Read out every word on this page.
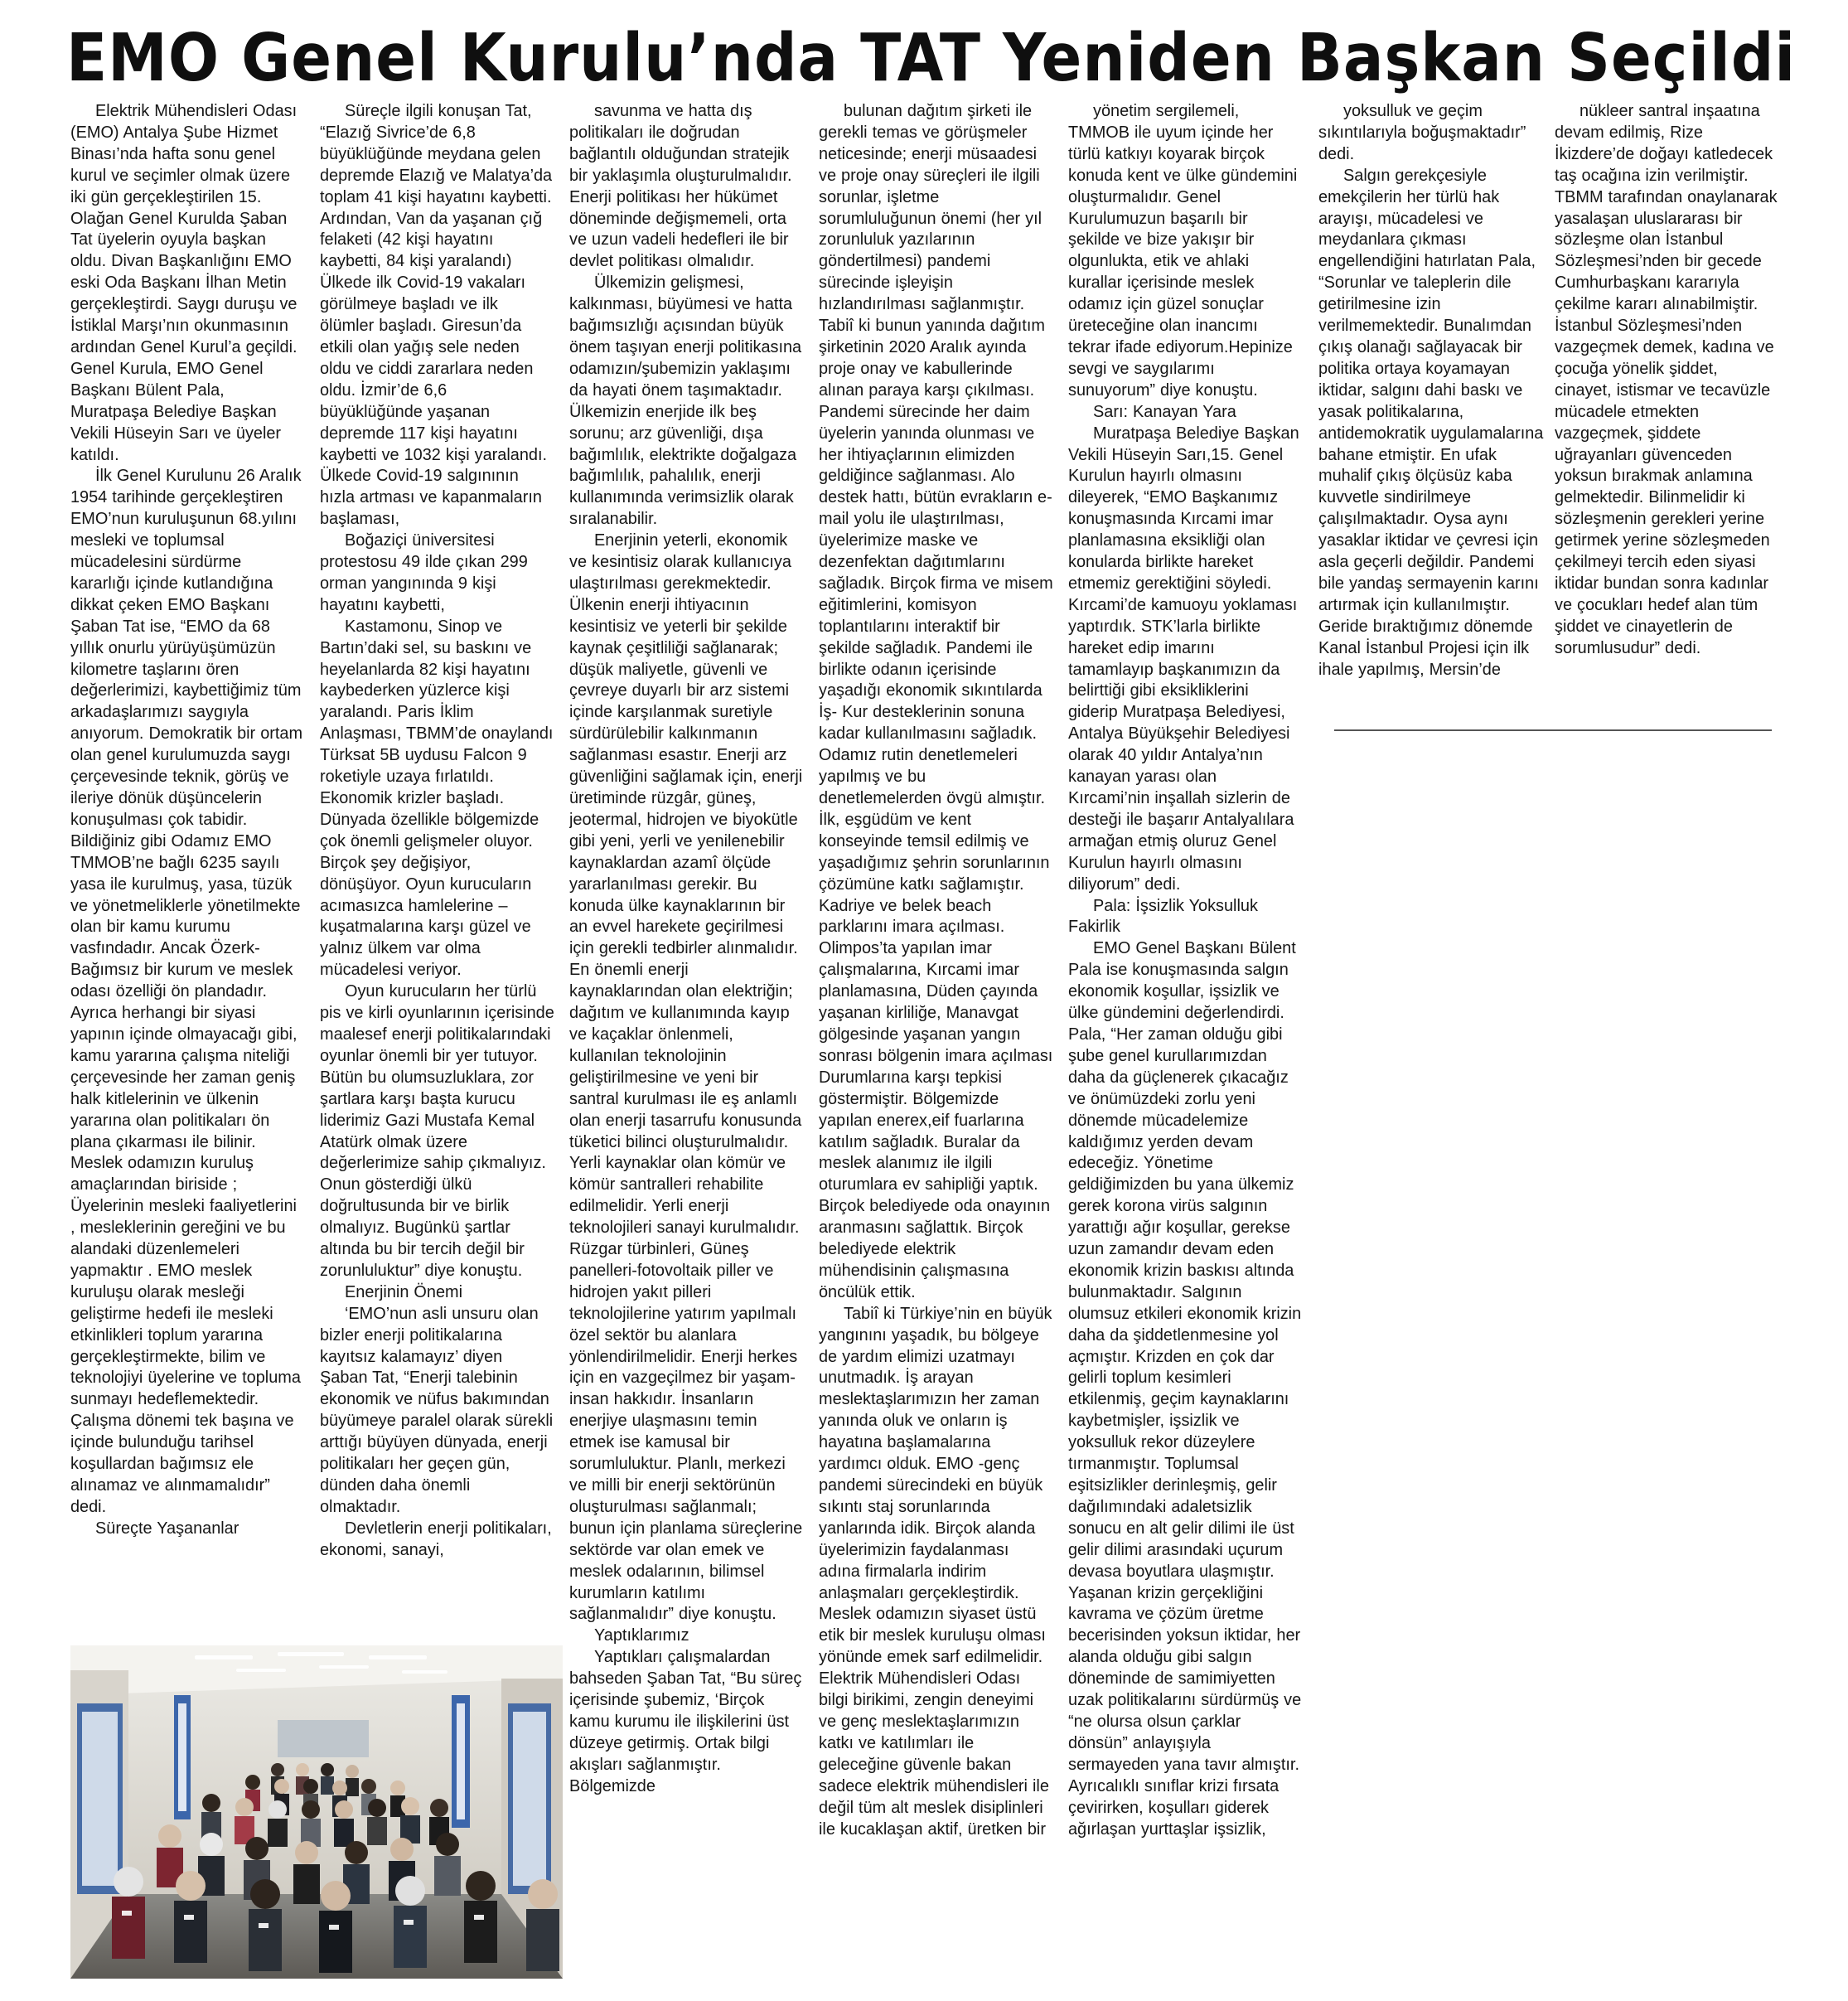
EMO Genel Kurulu’nda TAT Yeniden Başkan Seçildi

Elektrik Mühendisleri Odası (EMO) Antalya Şube Hizmet Binası’nda hafta sonu genel kurul ve seçimler olmak üzere iki gün gerçekleştirilen 15. Olağan Genel Kurulda Şaban Tat üyelerin oyuyla başkan oldu. Divan Başkanlığını EMO eski Oda Başkanı İlhan Metin gerçekleştirdi. Saygı duruşu ve İstiklal Marşı’nın okunmasının ardından Genel Kurul’a geçildi. Genel Kurula, EMO Genel Başkanı Bülent Pala, Muratpaşa Belediye Başkan Vekili Hüseyin Sarı ve üyeler katıldı.

İlk Genel Kurulunu 26 Aralık 1954 tarihinde gerçekleştiren EMO’nun kuruluşunun 68.yılını mesleki ve toplumsal mücadelesini sürdürme kararlığı içinde kutlandığına dikkat çeken EMO Başkanı Şaban Tat ise, “EMO da 68 yıllık onurlu yürüyüşümüzün kilometre taşlarını ören değerlerimizi, kaybettiğimiz tüm arkadaşlarımızı saygıyla anıyorum. Demokratik bir ortam olan genel kurulumuzda saygı çerçevesinde teknik, görüş ve ileriye dönük düşüncelerin konuşulması çok tabidir. Bildiğiniz gibi Odamız EMO TMMOB’ne bağlı 6235 sayılı yasa ile kurulmuş, yasa, tüzük ve yönetmeliklerle yönetilmekte olan bir kamu kurumu vasfındadır. Ancak Özerk-Bağımsız bir kurum ve meslek odası özelliği ön plandadır. Ayrıca herhangi bir siyasi yapının içinde olmayacağı gibi, kamu yararına çalışma niteliği çerçevesinde her zaman geniş halk kitlelerinin ve ülkenin yararına olan politikaları ön plana çıkarması ile bilinir. Meslek odamızın kuruluş amaçlarından biriside ; Üyelerinin mesleki faaliyetlerini , mesleklerinin gereğini ve bu alandaki düzenlemeleri yapmaktır . EMO meslek kuruluşu olarak mesleği geliştirme hedefi ile mesleki etkinlikleri toplum yararına gerçekleştirmekte, bilim ve teknolojiyi üyelerine ve topluma sunmayı hedeflemektedir. Çalışma dönemi tek başına ve içinde bulunduğu tarihsel koşullardan bağımsız ele alınamaz ve alınmamalıdır” dedi.

Süreçte Yaşananlar

Süreçle ilgili konuşan Tat, “Elazığ Sivrice’de 6,8 büyüklüğünde meydana gelen depremde Elazığ ve Malatya’da toplam 41 kişi hayatını kaybetti. Ardından, Van da yaşanan çığ felaketi (42 kişi hayatını kaybetti, 84 kişi yaralandı) Ülkede ilk Covid-19 vakaları görülmeye başladı ve ilk ölümler başladı. Giresun’da etkili olan yağış sele neden oldu ve ciddi zararlara neden oldu. İzmir’de 6,6 büyüklüğünde yaşanan depremde 117 kişi hayatını kaybetti ve 1032 kişi yaralandı. Ülkede Covid-19 salgınının hızla artması ve kapanmaların başlaması,

Boğaziçi üniversitesi protestosu 49 ilde çıkan 299 orman yangınında 9 kişi hayatını kaybetti,

Kastamonu, Sinop ve Bartın’daki sel, su baskını ve heyelanlarda 82 kişi hayatını kaybederken yüzlerce kişi yaralandı. Paris İklim Anlaşması, TBMM’de onaylandı Türksat 5B uydusu Falcon 9 roketiyle uzaya fırlatıldı. Ekonomik krizler başladı. Dünyada özellikle bölgemizde çok önemli gelişmeler oluyor. Birçok şey değişiyor, dönüşüyor. Oyun kurucuların acımasızca hamlelerine – kuşatmalarına karşı güzel ve yalnız ülkem var olma mücadelesi veriyor.

Oyun kurucuların her türlü pis ve kirli oyunlarının içerisinde maalesef enerji politikalarındaki oyunlar önemli bir yer tutuyor. Bütün bu olumsuzluklara, zor şartlara karşı başta kurucu liderimiz Gazi Mustafa Kemal Atatürk olmak üzere değerlerimize sahip çıkmalıyız. Onun gösterdiği ülkü doğrultusunda bir ve birlik olmalıyız. Bugünkü şartlar altında bu bir tercih değil bir zorunluluktur” diye konuştu.

Enerjinin Önemi

‘EMO’nun asli unsuru olan bizler enerji politikalarına kayıtsız kalamayız’ diyen Şaban Tat, “Enerji talebinin ekonomik ve nüfus bakımından büyümeye paralel olarak sürekli arttığı büyüyen dünyada, enerji politikaları her geçen gün, dünden daha önemli olmaktadır.

Devletlerin enerji politikaları, ekonomi, sanayi,

savunma ve hatta dış politikaları ile doğrudan bağlantılı olduğundan stratejik bir yaklaşımla oluşturulmalıdır. Enerji politikası her hükümet döneminde değişmemeli, orta ve uzun vadeli hedefleri ile bir devlet politikası olmalıdır.

Ülkemizin gelişmesi, kalkınması, büyümesi ve hatta bağımsızlığı açısından büyük önem taşıyan enerji politikasına odamızın/şubemizin yaklaşımı da hayati önem taşımaktadır. Ülkemizin enerjide ilk beş sorunu; arz güvenliği, dışa bağımlılık, elektrikte doğalgaza bağımlılık, pahalılık, enerji kullanımında verimsizlik olarak sıralanabilir.

Enerjinin yeterli, ekonomik ve kesintisiz olarak kullanıcıya ulaştırılması gerekmektedir. Ülkenin enerji ihtiyacının kesintisiz ve yeterli bir şekilde kaynak çeşitliliği sağlanarak; düşük maliyetle, güvenli ve çevreye duyarlı bir arz sistemi içinde karşılanmak suretiyle sürdürülebilir kalkınmanın sağlanması esastır. Enerji arz güvenliğini sağlamak için, enerji üretiminde rüzgâr, güneş, jeotermal, hidrojen ve biyokütle gibi yeni, yerli ve yenilenebilir kaynaklardan azamî ölçüde yararlanılması gerekir. Bu konuda ülke kaynaklarının bir an evvel harekete geçirilmesi için gerekli tedbirler alınmalıdır. En önemli enerji kaynaklarından olan elektriğin; dağıtım ve kullanımında kayıp ve kaçaklar önlenmeli, kullanılan teknolojinin geliştirilmesine ve yeni bir santral kurulması ile eş anlamlı olan enerji tasarrufu konusunda tüketici bilinci oluşturulmalıdır. Yerli kaynaklar olan kömür ve kömür santralleri rehabilite edilmelidir. Yerli enerji teknolojileri sanayi kurulmalıdır. Rüzgar türbinleri, Güneş panelleri-fotovoltaik piller ve hidrojen yakıt pilleri teknolojilerine yatırım yapılmalı özel sektör bu alanlara yönlendirilmelidir. Enerji herkes için en vazgeçilmez bir yaşam-insan hakkıdır. İnsanların enerjiye ulaşmasını temin etmek ise kamusal bir sorumluluktur. Planlı, merkezi ve milli bir enerji sektörünün oluşturulması sağlanmalı; bunun için planlama süreçlerine sektörde var olan emek ve meslek odalarının, bilimsel kurumların katılımı sağlanmalıdır” diye konuştu.

Yaptıklarımız

Yaptıkları çalışmalardan bahseden Şaban Tat, “Bu süreç içerisinde şubemiz, ‘Birçok kamu kurumu ile ilişkilerini üst düzeye getirmiş. Ortak bilgi akışları sağlanmıştır. Bölgemizde

bulunan dağıtım şirketi ile gerekli temas ve görüşmeler neticesinde; enerji müsaadesi ve proje onay süreçleri ile ilgili sorunlar, işletme sorumluluğunun önemi (her yıl zorunluluk yazılarının göndertilmesi) pandemi sürecinde işleyişin hızlandırılması sağlanmıştır. Tabiî ki bunun yanında dağıtım şirketinin 2020 Aralık ayında proje onay ve kabullerinde alınan paraya karşı çıkılması. Pandemi sürecinde her daim üyelerin yanında olunması ve her ihtiyaçlarının elimizden geldiğince sağlanması. Alo destek hattı, bütün evrakların e-mail yolu ile ulaştırılması, üyelerimize maske ve dezenfektan dağıtımlarını sağladık. Birçok firma ve misem eğitimlerini, komisyon toplantılarını interaktif bir şekilde sağladık. Pandemi ile birlikte odanın içerisinde yaşadığı ekonomik sıkıntılarda İş- Kur desteklerinin sonuna kadar kullanılmasını sağladık. Odamız rutin denetlemeleri yapılmış ve bu denetlemelerden övgü almıştır. İlk, eşgüdüm ve kent konseyinde temsil edilmiş ve yaşadığımız şehrin sorunlarının çözümüne katkı sağlamıştır. Kadriye ve belek beach parklarını imara açılması. Olimpos’ta yapılan imar çalışmalarına, Kırcami imar planlamasına, Düden çayında yaşanan kirliliğe, Manavgat gölgesinde yaşanan yangın sonrası bölgenin imara açılması Durumlarına karşı tepkisi göstermiştir. Bölgemizde yapılan enerex,eif fuarlarına katılım sağladık. Buralar da meslek alanımız ile ilgili oturumlara ev sahipliği yaptık. Birçok belediyede oda onayının aranmasını sağlattık. Birçok belediyede elektrik mühendisinin çalışmasına öncülük ettik.

Tabiî ki Türkiye’nin en büyük yangınını yaşadık, bu bölgeye de yardım elimizi uzatmayı unutmadık. İş arayan meslektaşlarımızın her zaman yanında oluk ve onların iş hayatına başlamalarına yardımcı olduk. EMO -genç pandemi sürecindeki en büyük sıkıntı staj sorunlarında yanlarında idik. Birçok alanda üyelerimizin faydalanması adına firmalarla indirim anlaşmaları gerçekleştirdik. Meslek odamızın siyaset üstü etik bir meslek kuruluşu olması yönünde emek sarf edilmelidir. Elektrik Mühendisleri Odası bilgi birikimi, zengin deneyimi ve genç meslektaşlarımızın katkı ve katılımları ile geleceğine güvenle bakan sadece elektrik mühendisleri ile değil tüm alt meslek disiplinleri ile kucaklaşan aktif, üretken bir

yönetim sergilemeli, TMMOB ile uyum içinde her türlü katkıyı koyarak birçok konuda kent ve ülke gündemini oluşturmalıdır. Genel Kurulumuzun başarılı bir şekilde ve bize yakışır bir olgunlukta, etik ve ahlaki kurallar içerisinde meslek odamız için güzel sonuçlar üreteceğine olan inancımı tekrar ifade ediyorum.Hepinize sevgi ve saygılarımı sunuyorum” diye konuştu.

Sarı: Kanayan Yara

Muratpaşa Belediye Başkan Vekili Hüseyin Sarı,15. Genel Kurulun hayırlı olmasını dileyerek, “EMO Başkanımız konuşmasında Kırcami imar planlamasına eksikliği olan konularda birlikte hareket etmemiz gerektiğini söyledi. Kırcami’de kamuoyu yoklaması yaptırdık. STK’larla birlikte hareket edip imarını tamamlayıp başkanımızın da belirttiği gibi eksikliklerini giderip Muratpaşa Belediyesi, Antalya Büyükşehir Belediyesi olarak 40 yıldır Antalya’nın kanayan yarası olan Kırcami’nin inşallah sizlerin de desteği ile başarır Antalyalılara armağan etmiş oluruz Genel Kurulun hayırlı olmasını diliyorum” dedi.

Pala: İşsizlik Yoksulluk Fakirlik

EMO Genel Başkanı Bülent Pala ise konuşmasında salgın ekonomik koşullar, işsizlik ve ülke gündemini değerlendirdi. Pala, “Her zaman olduğu gibi şube genel kurullarımızdan daha da güçlenerek çıkacağız ve önümüzdeki zorlu yeni dönemde mücadelemize kaldığımız yerden devam edeceğiz. Yönetime geldiğimizden bu yana ülkemiz gerek korona virüs salgının yarattığı ağır koşullar, gerekse uzun zamandır devam eden ekonomik krizin baskısı altında bulunmaktadır. Salgının olumsuz etkileri ekonomik krizin daha da şiddetlenmesine yol açmıştır. Krizden en çok dar gelirli toplum kesimleri etkilenmiş, geçim kaynaklarını kaybetmişler, işsizlik ve yoksulluk rekor düzeylere tırmanmıştır. Toplumsal eşitsizlikler derinleşmiş, gelir dağılımındaki adaletsizlik sonucu en alt gelir dilimi ile üst gelir dilimi arasındaki uçurum devasa boyutlara ulaşmıştır. Yaşanan krizin gerçekliğini kavrama ve çözüm üretme becerisinden yoksun iktidar, her alanda olduğu gibi salgın döneminde de samimiyetten uzak politikalarını sürdürmüş ve “ne olursa olsun çarklar dönsün” anlayışıyla sermayeden yana tavır almıştır. Ayrıcalıklı sınıflar krizi fırsata çevirirken, koşulları giderek ağırlaşan yurttaşlar işsizlik,

yoksulluk ve geçim sıkıntılarıyla boğuşmaktadır” dedi.

Salgın gerekçesiyle emekçilerin her türlü hak arayışı, mücadelesi ve meydanlara çıkması engellendiğini hatırlatan Pala, “Sorunlar ve taleplerin dile getirilmesine izin verilmemektedir. Bunalımdan çıkış olanağı sağlayacak bir politika ortaya koyamayan iktidar, salgını dahi baskı ve yasak politikalarına, antidemokratik uygulamalarına bahane etmiştir. En ufak muhalif çıkış ölçüsüz kaba kuvvetle sindirilmeye çalışılmaktadır. Oysa aynı yasaklar iktidar ve çevresi için asla geçerli değildir. Pandemi bile yandaş sermayenin karını artırmak için kullanılmıştır. Geride bıraktığımız dönemde Kanal İstanbul Projesi için ilk ihale yapılmış, Mersin’de

nükleer santral inşaatına devam edilmiş, Rize İkizdere’de doğayı katledecek taş ocağına izin verilmiştir. TBMM tarafından onaylanarak yasalaşan uluslararası bir sözleşme olan İstanbul Sözleşmesi’nden bir gecede Cumhurbaşkanı kararıyla çekilme kararı alınabilmiştir. İstanbul Sözleşmesi’nden vazgeçmek demek, kadına ve çocuğa yönelik şiddet, cinayet, istismar ve tecavüzle mücadele etmekten vazgeçmek, şiddete uğrayanları güvenceden yoksun bırakmak anlamına gelmektedir. Bilinmelidir ki sözleşmenin gerekleri yerine getirmek yerine sözleşmeden çekilmeyi tercih eden siyasi iktidar bundan sonra kadınlar ve çocukları hedef alan tüm şiddet ve cinayetlerin de sorumlusudur” dedi.
